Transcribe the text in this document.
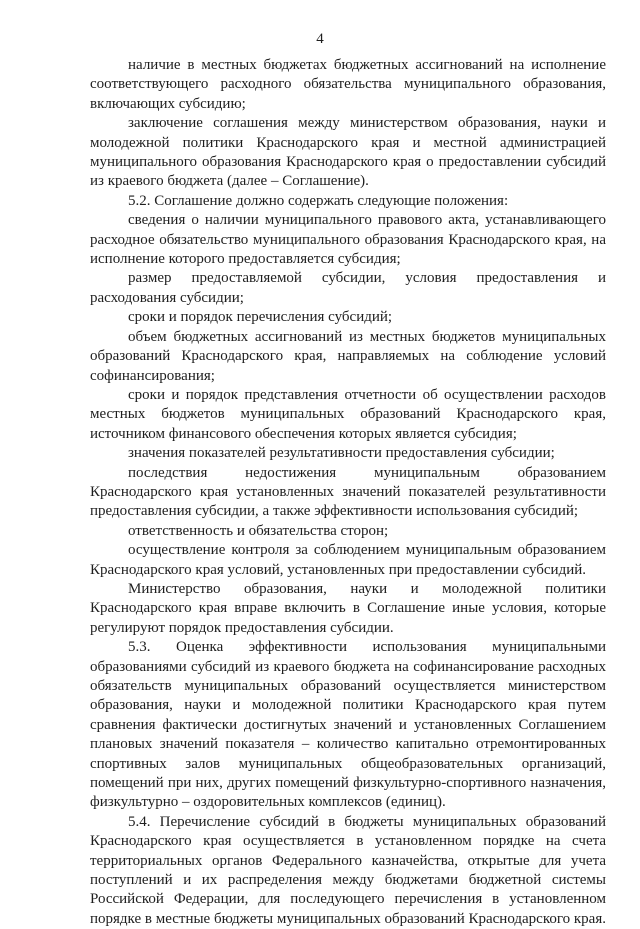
4

наличие в местных бюджетах бюджетных ассигнований на исполнение соответствующего расходного обязательства муниципального образования, включающих субсидию;

заключение соглашения между министерством образования, науки и молодежной политики Краснодарского края и местной администрацией муниципального образования Краснодарского края о предоставлении субсидий из краевого бюджета (далее – Соглашение).

5.2. Соглашение должно содержать следующие положения:

сведения о наличии муниципального правового акта, устанавливающего расходное обязательство муниципального образования Краснодарского края, на исполнение которого предоставляется субсидия;

размер предоставляемой субсидии, условия предоставления и расходования субсидии;

сроки и порядок перечисления субсидий;

объем бюджетных ассигнований из местных бюджетов муниципальных образований Краснодарского края, направляемых на соблюдение условий софинансирования;

сроки и порядок представления отчетности об осуществлении расходов местных бюджетов муниципальных образований Краснодарского края, источником финансового обеспечения которых является субсидия;

значения показателей результативности предоставления субсидии;

последствия недостижения муниципальным образованием Краснодарского края установленных значений показателей результативности предоставления субсидии, а также эффективности использования субсидий;

ответственность и обязательства сторон;

осуществление контроля за соблюдением муниципальным образованием Краснодарского края условий, установленных при предоставлении субсидий.

Министерство образования, науки и молодежной политики Краснодарского края вправе включить в Соглашение иные условия, которые регулируют порядок предоставления субсидии.

5.3. Оценка эффективности использования муниципальными образованиями субсидий из краевого бюджета на софинансирование расходных обязательств муниципальных образований осуществляется министерством образования, науки и молодежной политики Краснодарского края путем сравнения фактически достигнутых значений и установленных Соглашением плановых значений показателя – количество капитально отремонтированных спортивных залов муниципальных общеобразовательных организаций, помещений при них, других помещений физкультурно-спортивного назначения, физкультурно – оздоровительных комплексов (единиц).

5.4. Перечисление субсидий в бюджеты муниципальных образований Краснодарского края осуществляется в установленном порядке на счета территориальных органов Федерального казначейства, открытые для учета поступлений и их распределения между бюджетами бюджетной системы Российской Федерации, для последующего перечисления в установленном порядке в местные бюджеты муниципальных образований Краснодарского края.
